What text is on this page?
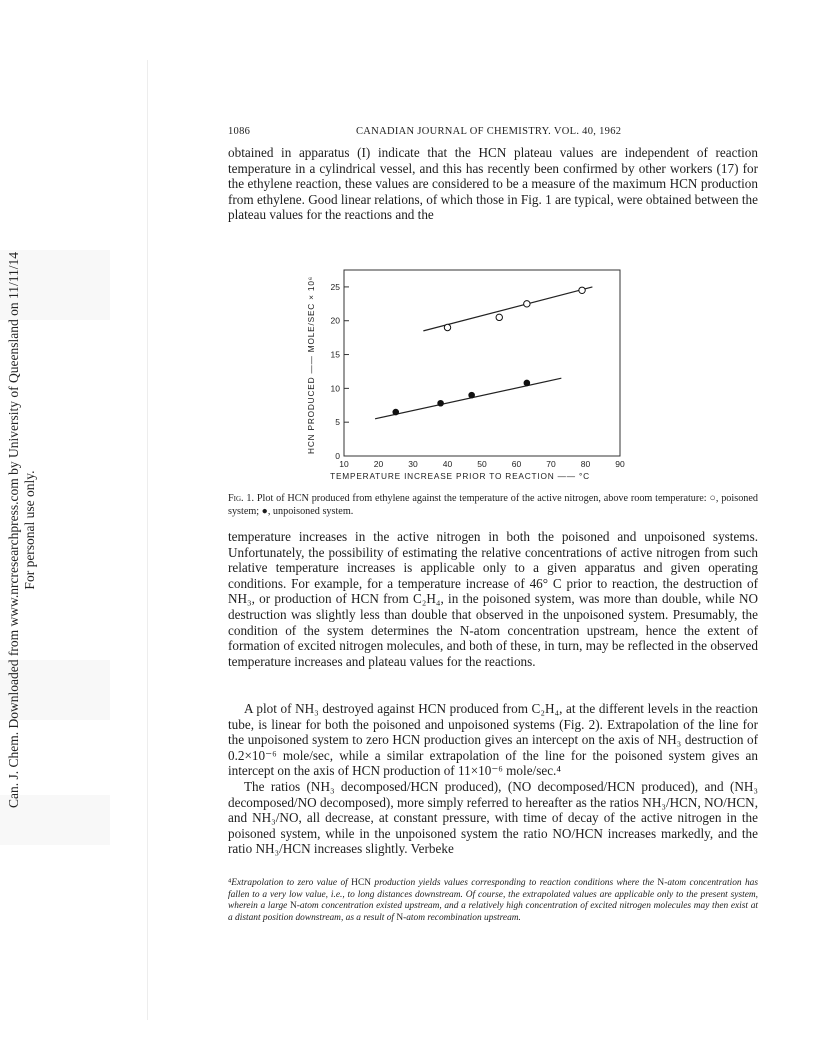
Can. J. Chem. Downloaded from www.nrcresearchpress.com by University of Queensland on 11/11/14 For personal use only.
1086	CANADIAN JOURNAL OF CHEMISTRY. VOL. 40, 1962

obtained in apparatus (I) indicate that the HCN plateau values are independent of reaction temperature in a cylindrical vessel, and this has recently been confirmed by other workers (17) for the ethylene reaction, these values are considered to be a measure of the maximum HCN production from ethylene. Good linear relations, of which those in Fig. 1 are typical, were obtained between the plateau values for the reactions and the

0
5
10
15
20
25
10	20	30	40	50	60	70	80	90
HCN PRODUCED —— MOLE/SEC × 10⁶
TEMPERATURE INCREASE PRIOR TO REACTION —— °C
Fig. 1. Plot of HCN produced from ethylene against the temperature of the active nitrogen, above room temperature: ○, poisoned system; ●, unpoisoned system.

temperature increases in the active nitrogen in both the poisoned and unpoisoned systems. Unfortunately, the possibility of estimating the relative concentrations of active nitrogen from such relative temperature increases is applicable only to a given apparatus and given operating conditions. For example, for a temperature increase of 46° C prior to reaction, the destruction of NH₃, or production of HCN from C₂H₄, in the poisoned system, was more than double, while NO destruction was slightly less than double that observed in the unpoisoned system. Presumably, the condition of the system determines the N-atom concentration upstream, hence the extent of formation of excited nitrogen molecules, and both of these, in turn, may be reflected in the observed temperature increases and plateau values for the reactions.

A plot of NH₃ destroyed against HCN produced from C₂H₄, at the different levels in the reaction tube, is linear for both the poisoned and unpoisoned systems (Fig. 2). Extrapolation of the line for the unpoisoned system to zero HCN production gives an intercept on the axis of NH₃ destruction of 0.2×10⁻⁶ mole/sec, while a similar extrapolation of the line for the poisoned system gives an intercept on the axis of HCN production of 11×10⁻⁶ mole/sec.⁴

The ratios (NH₃ decomposed/HCN produced), (NO decomposed/HCN produced), and (NH₃ decomposed/NO decomposed), more simply referred to hereafter as the ratios NH₃/HCN, NO/HCN, and NH₃/NO, all decrease, at constant pressure, with time of decay of the active nitrogen in the poisoned system, while in the unpoisoned system the ratio NO/HCN increases markedly, and the ratio NH₃/HCN increases slightly. Verbeke

⁴Extrapolation to zero value of HCN production yields values corresponding to reaction conditions where the N-atom concentration has fallen to a very low value, i.e., to long distances downstream. Of course, the extrapolated values are applicable only to the present system, wherein a large N-atom concentration existed upstream, and a relatively high concentration of excited nitrogen molecules may then exist at a distant position downstream, as a result of N-atom recombination upstream.
